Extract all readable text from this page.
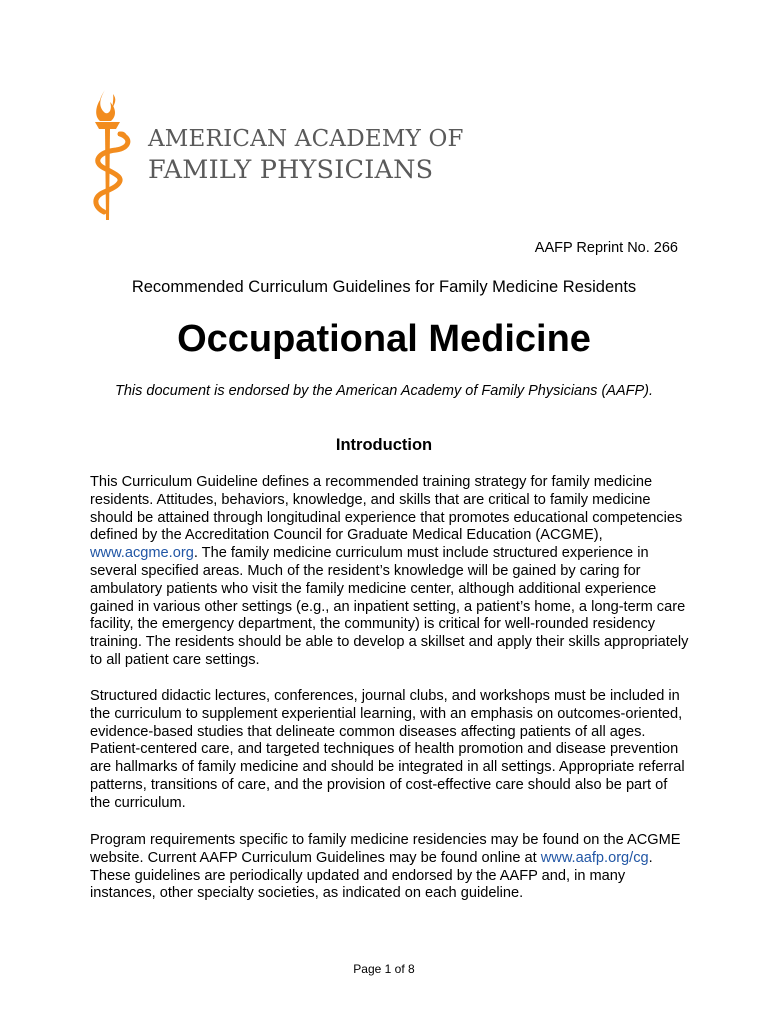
AMERICAN ACADEMY OF
FAMILY PHYSICIANS
AAFP Reprint No. 266
Recommended Curriculum Guidelines for Family Medicine Residents
Occupational Medicine
This document is endorsed by the American Academy of Family Physicians (AAFP).
Introduction
This Curriculum Guideline defines a recommended training strategy for family medicine residents. Attitudes, behaviors, knowledge, and skills that are critical to family medicine should be attained through longitudinal experience that promotes educational competencies defined by the Accreditation Council for Graduate Medical Education (ACGME), www.acgme.org. The family medicine curriculum must include structured experience in several specified areas. Much of the resident’s knowledge will be gained by caring for ambulatory patients who visit the family medicine center, although additional experience gained in various other settings (e.g., an inpatient setting, a patient’s home, a long-term care facility, the emergency department, the community) is critical for well-rounded residency training. The residents should be able to develop a skillset and apply their skills appropriately to all patient care settings.
Structured didactic lectures, conferences, journal clubs, and workshops must be included in the curriculum to supplement experiential learning, with an emphasis on outcomes-oriented, evidence-based studies that delineate common diseases affecting patients of all ages. Patient-centered care, and targeted techniques of health promotion and disease prevention are hallmarks of family medicine and should be integrated in all settings. Appropriate referral patterns, transitions of care, and the provision of cost-effective care should also be part of the curriculum.
Program requirements specific to family medicine residencies may be found on the ACGME website. Current AAFP Curriculum Guidelines may be found online at www.aafp.org/cg. These guidelines are periodically updated and endorsed by the AAFP and, in many instances, other specialty societies, as indicated on each guideline.
Page 1 of 8
